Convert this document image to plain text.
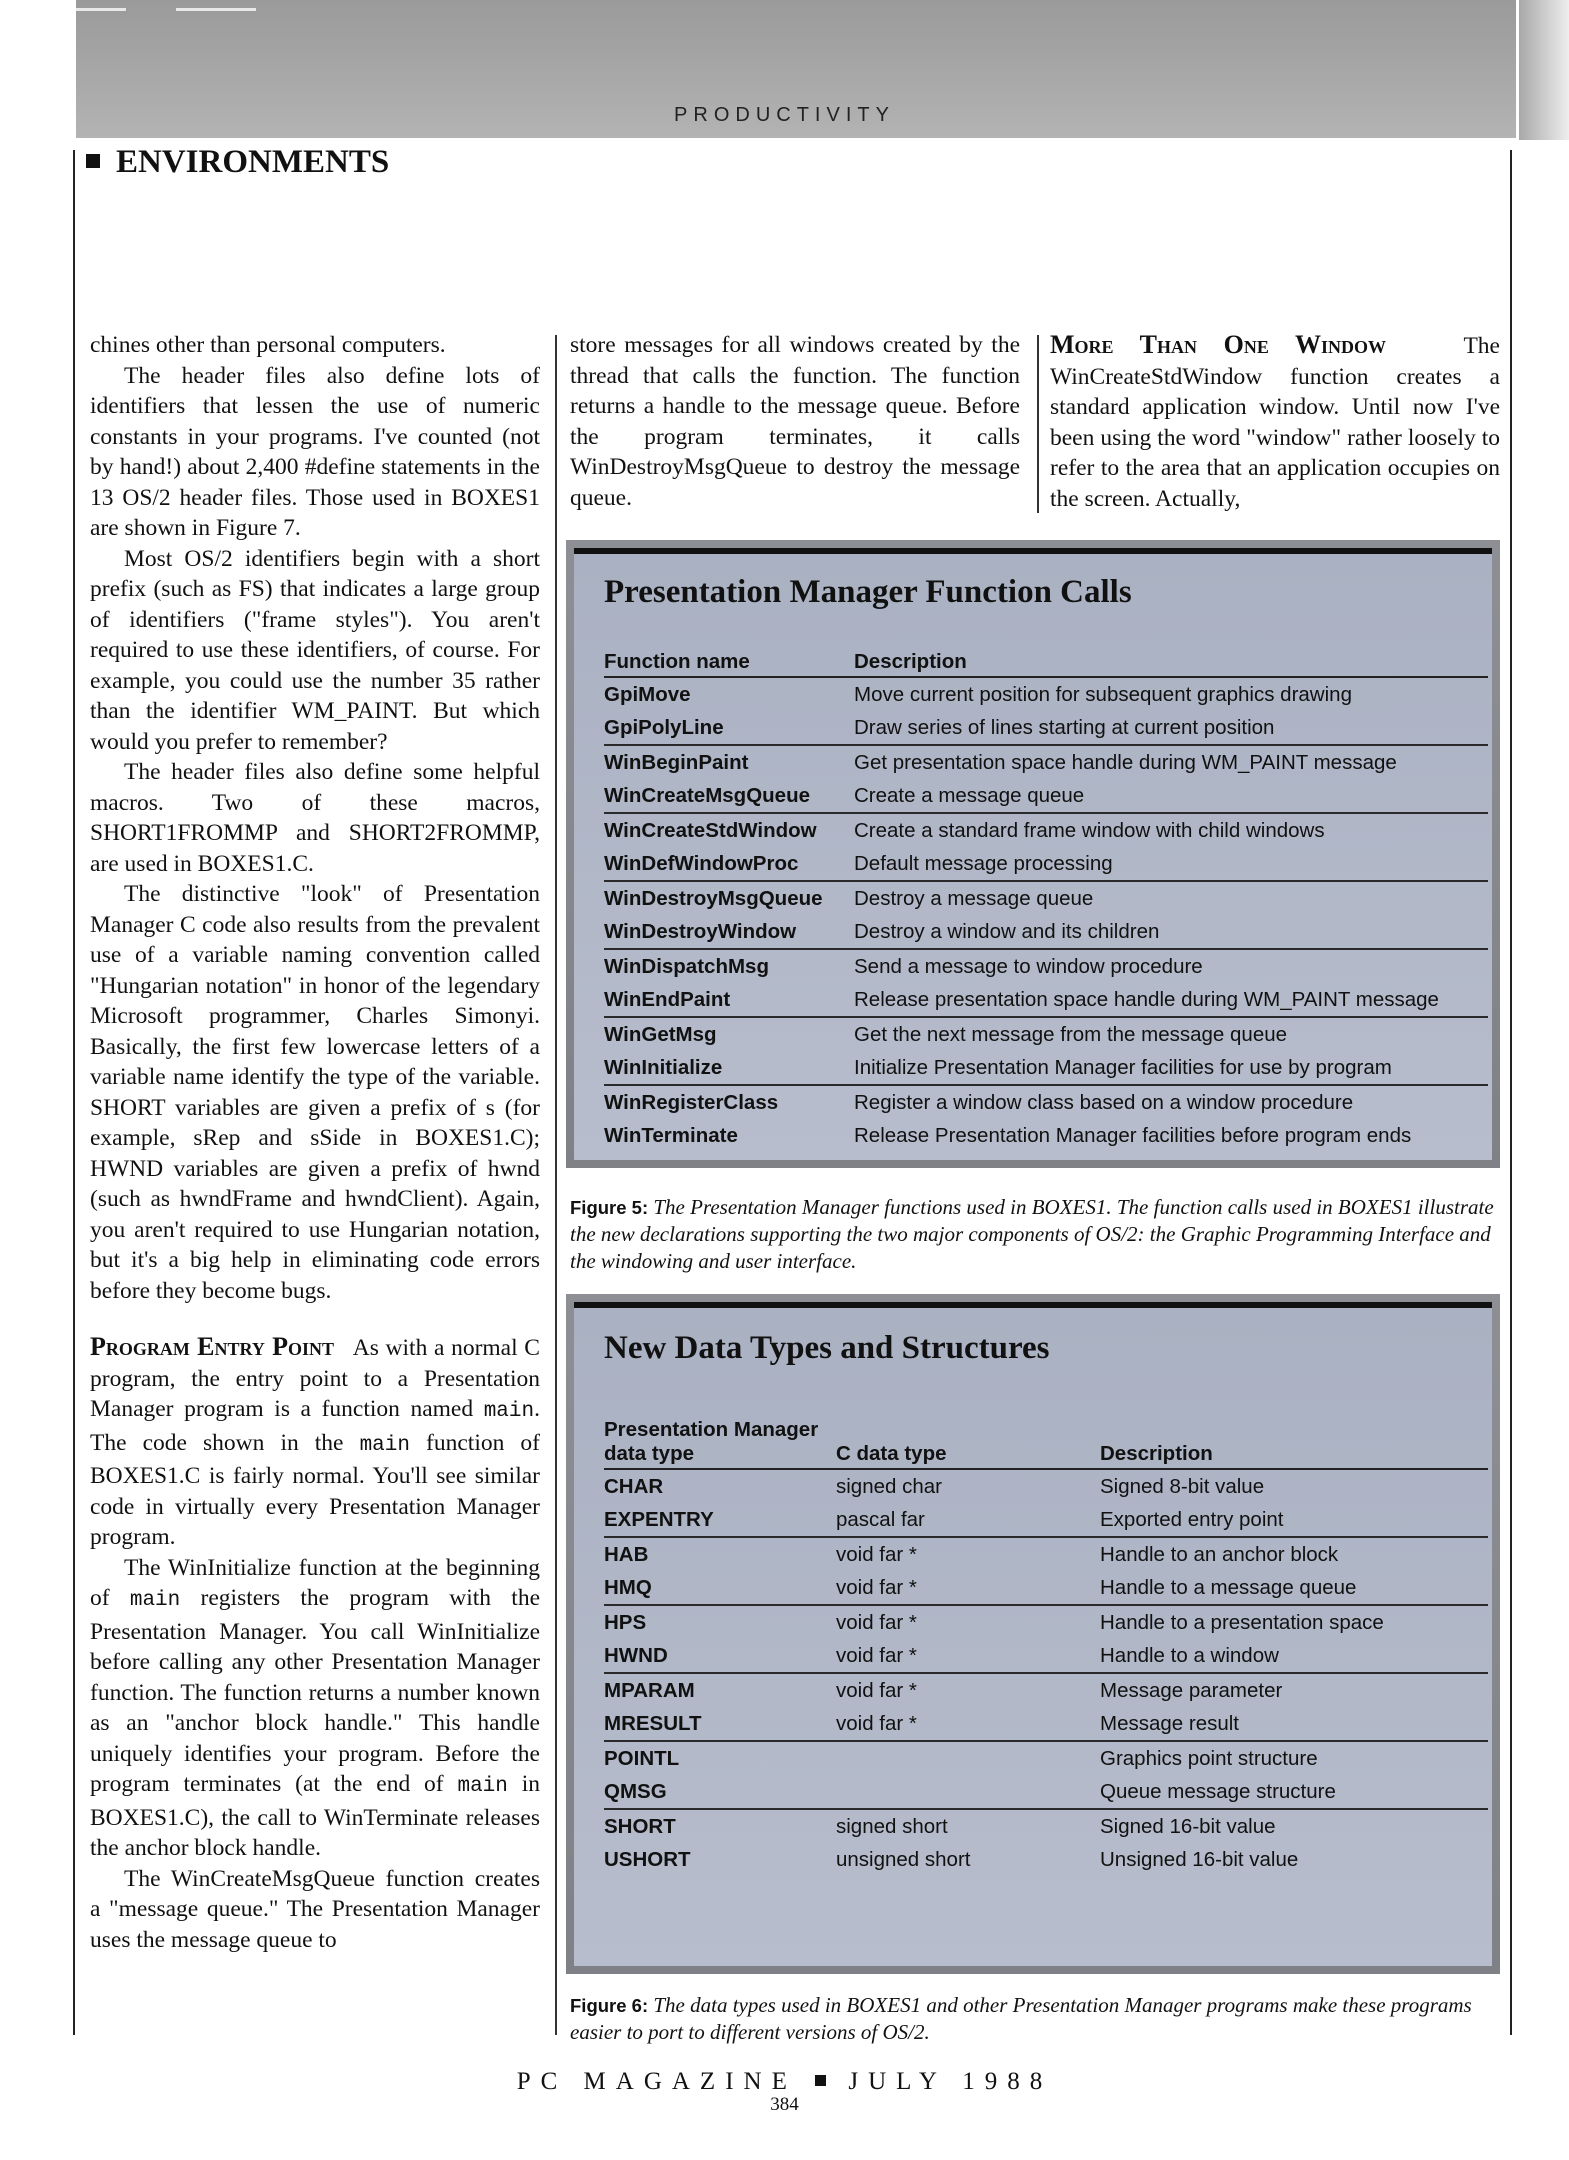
PRODUCTIVITY
ENVIRONMENTS

chines other than personal computers.

The header files also define lots of identifiers that lessen the use of numeric constants in your programs. I've counted (not by hand!) about 2,400 #define statements in the 13 OS/2 header files. Those used in BOXES1 are shown in Figure 7.

Most OS/2 identifiers begin with a short prefix (such as FS) that indicates a large group of identifiers ("frame styles"). You aren't required to use these identifiers, of course. For example, you could use the number 35 rather than the identifier WM_PAINT. But which would you prefer to remember?

The header files also define some helpful macros. Two of these macros, SHORT1FROMMP and SHORT2FROMMP, are used in BOXES1.C.

The distinctive "look" of Presentation Manager C code also results from the prevalent use of a variable naming convention called "Hungarian notation" in honor of the legendary Microsoft programmer, Charles Simonyi. Basically, the first few lowercase letters of a variable name identify the type of the variable. SHORT variables are given a prefix of s (for example, sRep and sSide in BOXES1.C); HWND variables are given a prefix of hwnd (such as hwndFrame and hwndClient). Again, you aren't required to use Hungarian notation, but it's a big help in eliminating code errors before they become bugs.

Program Entry Point As with a normal C program, the entry point to a Presentation Manager program is a function named main. The code shown in the main function of BOXES1.C is fairly normal. You'll see similar code in virtually every Presentation Manager program.

The WinInitialize function at the beginning of main registers the program with the Presentation Manager. You call WinInitialize before calling any other Presentation Manager function. The function returns a number known as an "anchor block handle." This handle uniquely identifies your program. Before the program terminates (at the end of main in BOXES1.C), the call to WinTerminate releases the anchor block handle.

The WinCreateMsgQueue function creates a "message queue." The Presentation Manager uses the message queue to

store messages for all windows created by the thread that calls the function. The function returns a handle to the message queue. Before the program terminates, it calls WinDestroyMsgQueue to destroy the message queue.

More Than One Window	The WinCreateStdWindow function creates a standard application window. Until now I've been using the word "window" rather loosely to refer to the area that an application occupies on the screen. Actually,

Presentation Manager Function Calls
Function name	Description
GpiMove	Move current position for subsequent graphics drawing
GpiPolyLine	Draw series of lines starting at current position
WinBeginPaint	Get presentation space handle during WM_PAINT message
WinCreateMsgQueue	Create a message queue
WinCreateStdWindow	Create a standard frame window with child windows
WinDefWindowProc	Default message processing
WinDestroyMsgQueue	Destroy a message queue
WinDestroyWindow	Destroy a window and its children
WinDispatchMsg	Send a message to window procedure
WinEndPaint	Release presentation space handle during WM_PAINT message
WinGetMsg	Get the next message from the message queue
WinInitialize	Initialize Presentation Manager facilities for use by program
WinRegisterClass	Register a window class based on a window procedure
WinTerminate	Release Presentation Manager facilities before program ends
Figure 5: The Presentation Manager functions used in BOXES1. The function calls used in BOXES1 illustrate the new declarations supporting the two major components of OS/2: the Graphic Programming Interface and the windowing and user interface.
New Data Types and Structures
Presentation Manager data type	C data type	Description
CHAR	signed char	Signed 8-bit value
EXPENTRY	pascal far	Exported entry point
HAB	void far *	Handle to an anchor block
HMQ	void far *	Handle to a message queue
HPS	void far *	Handle to a presentation space
HWND	void far *	Handle to a window
MPARAM	void far *	Message parameter
MRESULT	void far *	Message result
POINTL		Graphics point structure
QMSG		Queue message structure
SHORT	signed short	Signed 16-bit value
USHORT	unsigned short	Unsigned 16-bit value
Figure 6: The data types used in BOXES1 and other Presentation Manager programs make these programs easier to port to different versions of OS/2.
PC MAGAZINE JULY 1988
384
